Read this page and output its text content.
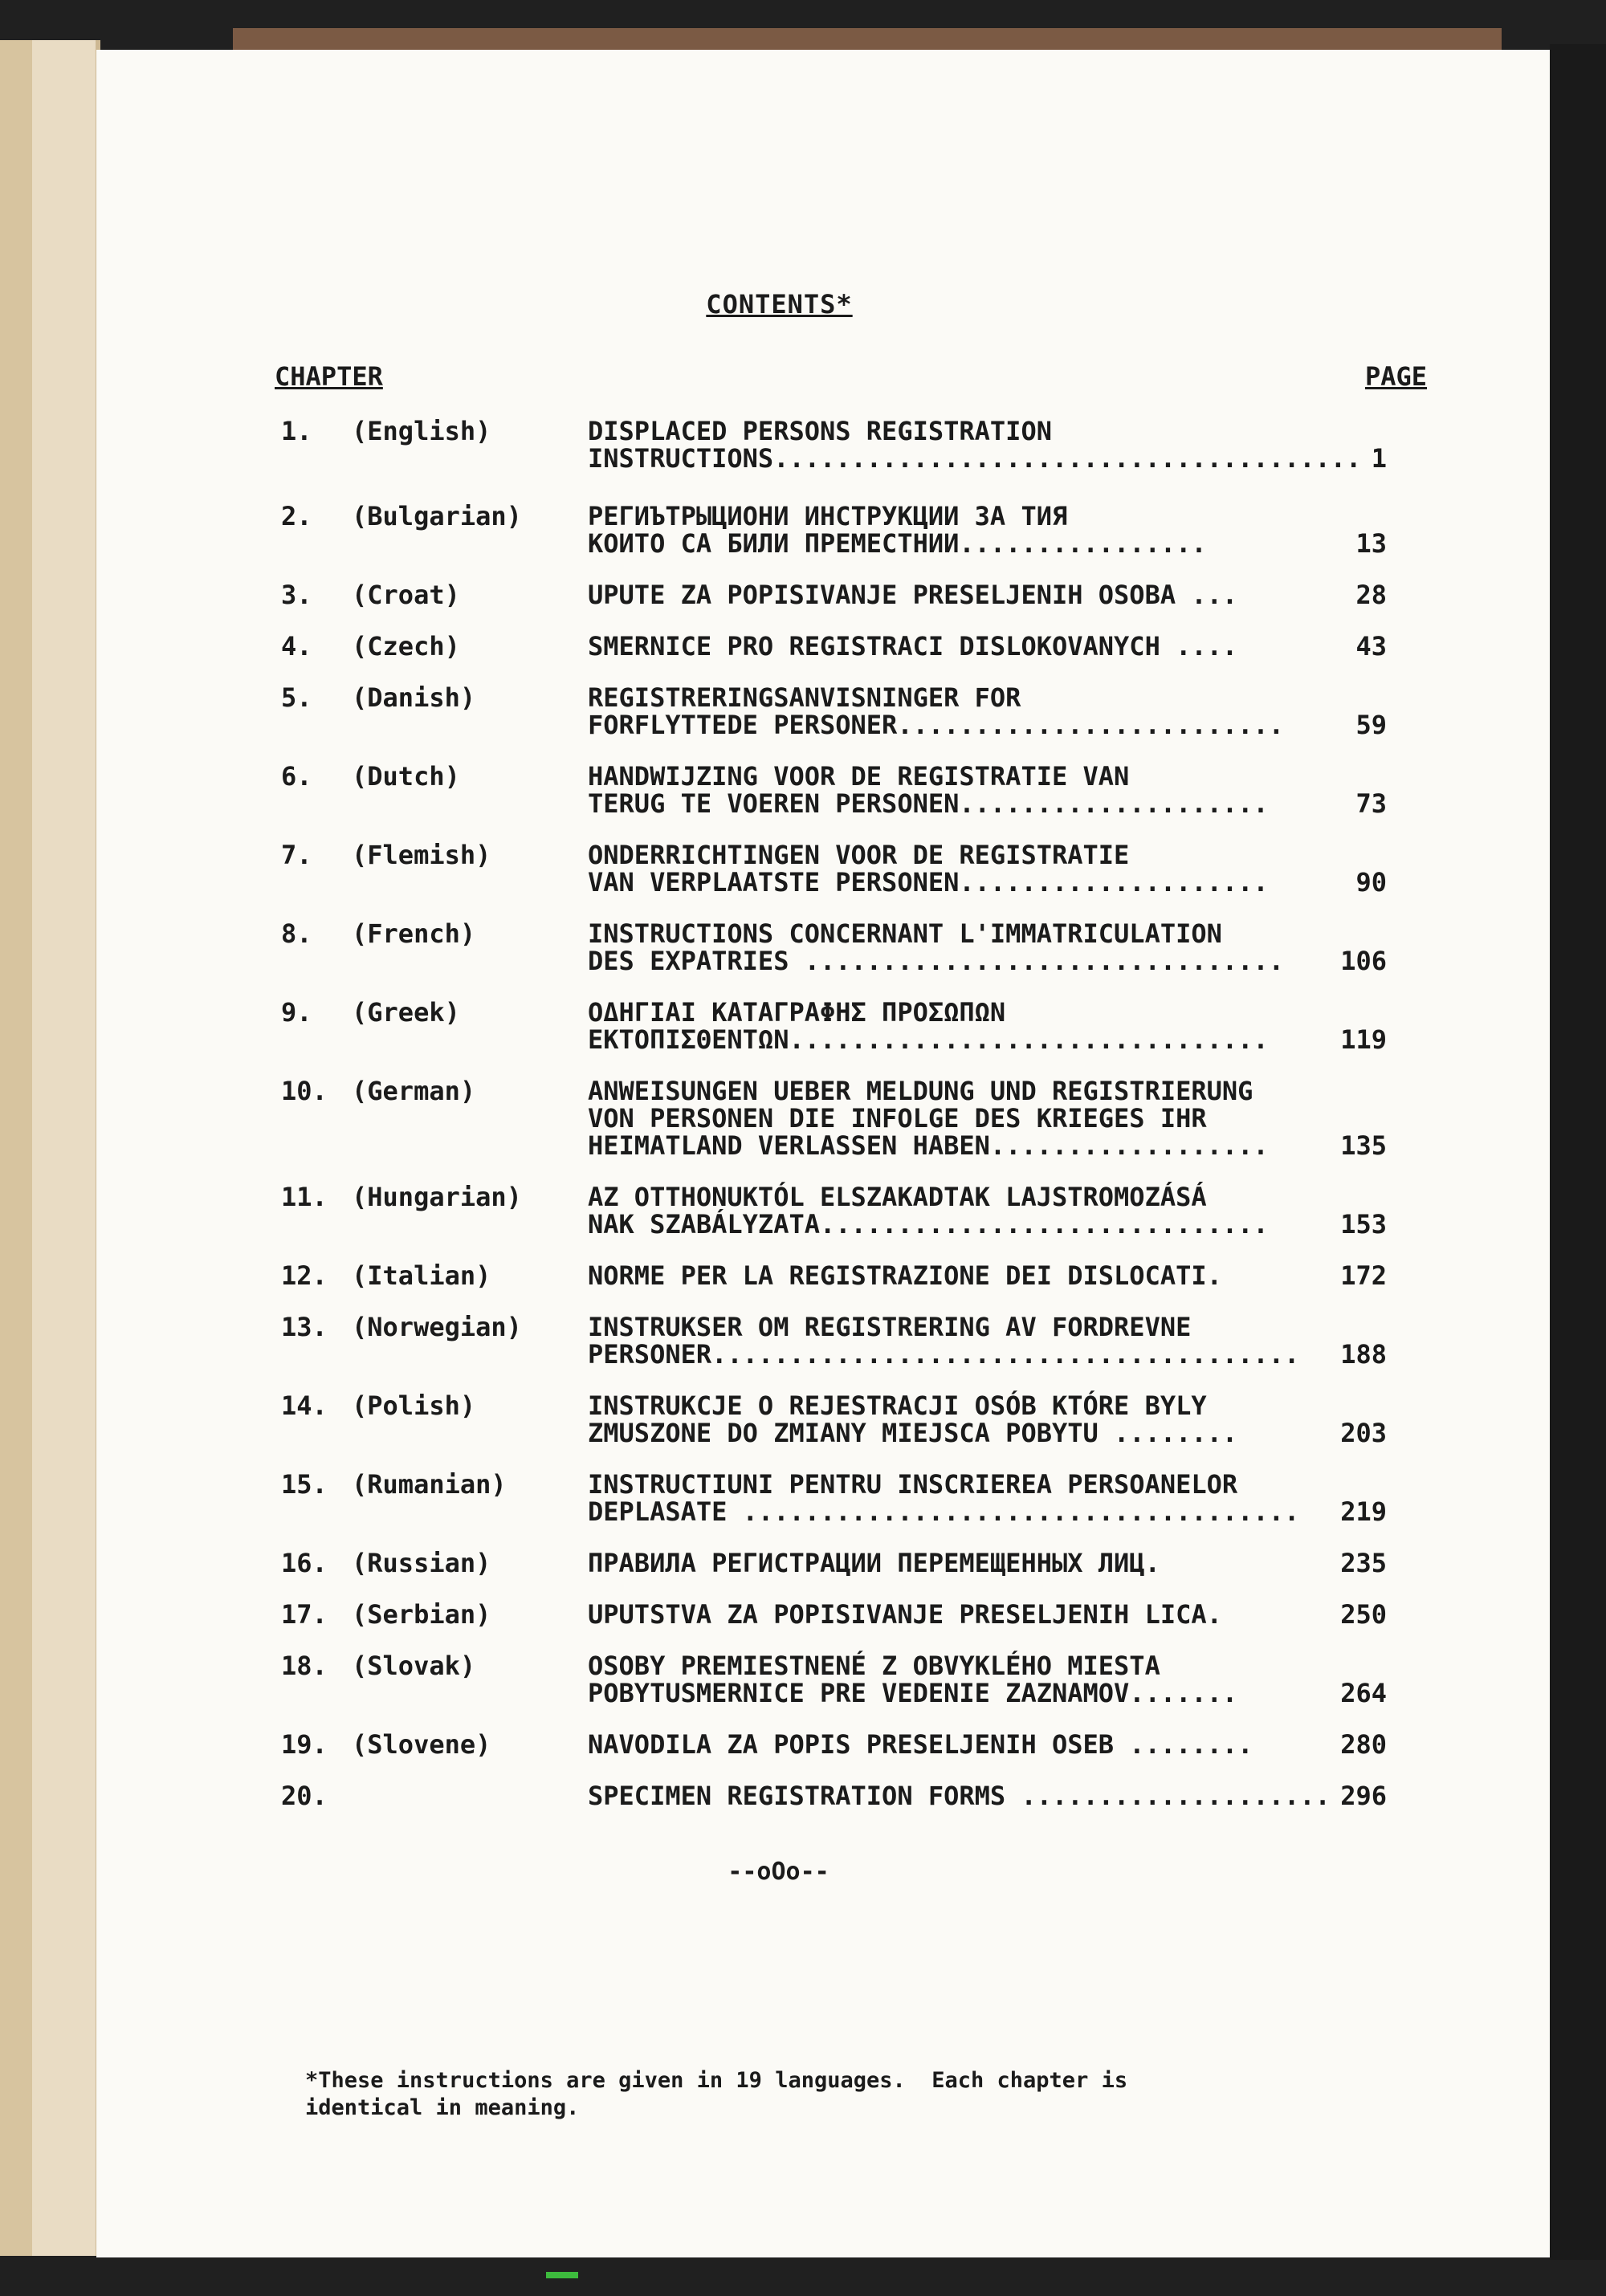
CONTENTS*
CHAPTER	PAGE
1. (English)	DISPLACED PERSONS REGISTRATION
INSTRUCTIONS...................................... 1
2. (Bulgarian)	РЕГИЪТРЫЦИОНИ ИНСТРУКЦИИ ЗА ТИЯ
КОИТО СА БИЛИ ПРЕМЕСТНИИ................	13
3. (Croat)	UPUTE ZA POPISIVANJE PRESELJENIH OSOBA ...	28
4. (Czech)	SMERNICE PRO REGISTRACI DISLOKOVANYCH ....	43
5. (Danish)	REGISTRERINGSANVISNINGER FOR
FORFLYTTEDE PERSONER.........................	59
6. (Dutch)	HANDWIJZING VOOR DE REGISTRATIE VAN
TERUG TE VOEREN PERSONEN....................	73
7. (Flemish)	ONDERRICHTINGEN VOOR DE REGISTRATIE
VAN VERPLAATSTE PERSONEN....................	90
8. (French)	INSTRUCTIONS CONCERNANT L'IMMATRICULATION
DES EXPATRIES ...............................	106
9. (Greek)	ΟΔΗΓΙΑΙ ΚΑΤΑΓΡΑΦΗΣ ΠΡΟΣΩΠΩΝ
ΕΚΤΟΠΙΣΘΕΝΤΩΝ...............................	119
10. (German)	ANWEISUNGEN UEBER MELDUNG UND REGISTRIERUNG
VON PERSONEN DIE INFOLGE DES KRIEGES IHR
HEIMATLAND VERLASSEN HABEN..................	135
11. (Hungarian)	AZ OTTHONUKTÓL ELSZAKADTAK LAJSTROMOZÁSÁ
NAK SZABÁLYZATA.............................	153
12. (Italian)	NORME PER LA REGISTRAZIONE DEI DISLOCATI.	172
13. (Norwegian)	INSTRUKSER OM REGISTRERING AV FORDREVNE
PERSONER...................................... 188
14. (Polish)	INSTRUKCJE O REJESTRACJI OSÓB KTÓRE BYLY
ZMUSZONE DO ZMIANY MIEJSCA POBYTU ........	203
15. (Rumanian)	INSTRUCTIUNI PENTRU INSCRIEREA PERSOANELOR
DEPLASATE .................................... 219
16. (Russian)	ПРАВИЛА РЕГИСТРАЦИИ ПЕРЕМЕЩЕННЫХ ЛИЦ.	235
17. (Serbian)	UPUTSTVA ZA POPISIVANJE PRESELJENIH LICA.	250
18. (Slovak)	OSOBY PREMIESTNENÉ Z OBVYKLÉHO MIESTA
POBYTUSMERNICE PRE VEDENIE ZAZNAMOV.......	264
19. (Slovene)	NAVODILA ZA POPIS PRESELJENIH OSEB ........	280
20.	SPECIMEN REGISTRATION FORMS .................... 296
--oOo--
*These instructions are given in 19 languages.  Each chapter is
identical in meaning.
